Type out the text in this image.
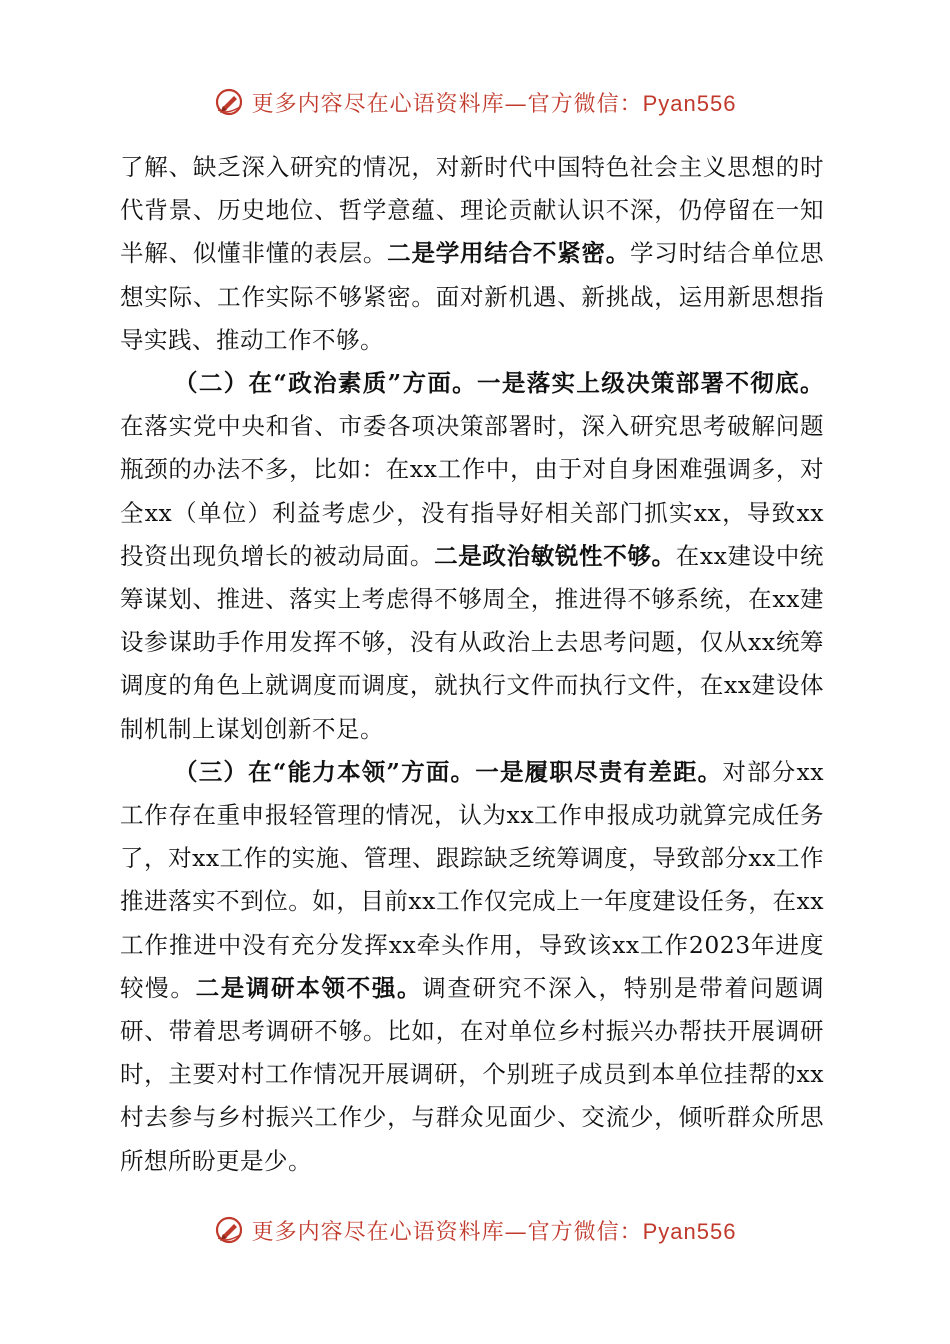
更多内容尽在心语资料库—官方微信：Pyan556

了解、缺乏深入研究的情况，对新时代中国特色社会主义思想的时代背景、历史地位、哲学意蕴、理论贡献认识不深，仍停留在一知半解、似懂非懂的表层。二是学用结合不紧密。学习时结合单位思想实际、工作实际不够紧密。面对新机遇、新挑战，运用新思想指导实践、推动工作不够。

（二）在“政治素质”方面。一是落实上级决策部署不彻底。在落实党中央和省、市委各项决策部署时，深入研究思考破解问题瓶颈的办法不多，比如：在xx工作中，由于对自身困难强调多，对全xx（单位）利益考虑少，没有指导好相关部门抓实xx，导致xx投资出现负增长的被动局面。二是政治敏锐性不够。在xx建设中统筹谋划、推进、落实上考虑得不够周全，推进得不够系统，在xx建设参谋助手作用发挥不够，没有从政治上去思考问题，仅从xx统筹调度的角色上就调度而调度，就执行文件而执行文件，在xx建设体制机制上谋划创新不足。

（三）在“能力本领”方面。一是履职尽责有差距。对部分xx工作存在重申报轻管理的情况，认为xx工作申报成功就算完成任务了，对xx工作的实施、管理、跟踪缺乏统筹调度，导致部分xx工作推进落实不到位。如，目前xx工作仅完成上一年度建设任务，在xx工作推进中没有充分发挥xx牵头作用，导致该xx工作2023年进度较慢。二是调研本领不强。调查研究不深入，特别是带着问题调研、带着思考调研不够。比如，在对单位乡村振兴办帮扶开展调研时，主要对村工作情况开展调研，个别班子成员到本单位挂帮的xx村去参与乡村振兴工作少，与群众见面少、交流少，倾听群众所思所想所盼更是少。

更多内容尽在心语资料库—官方微信：Pyan556
